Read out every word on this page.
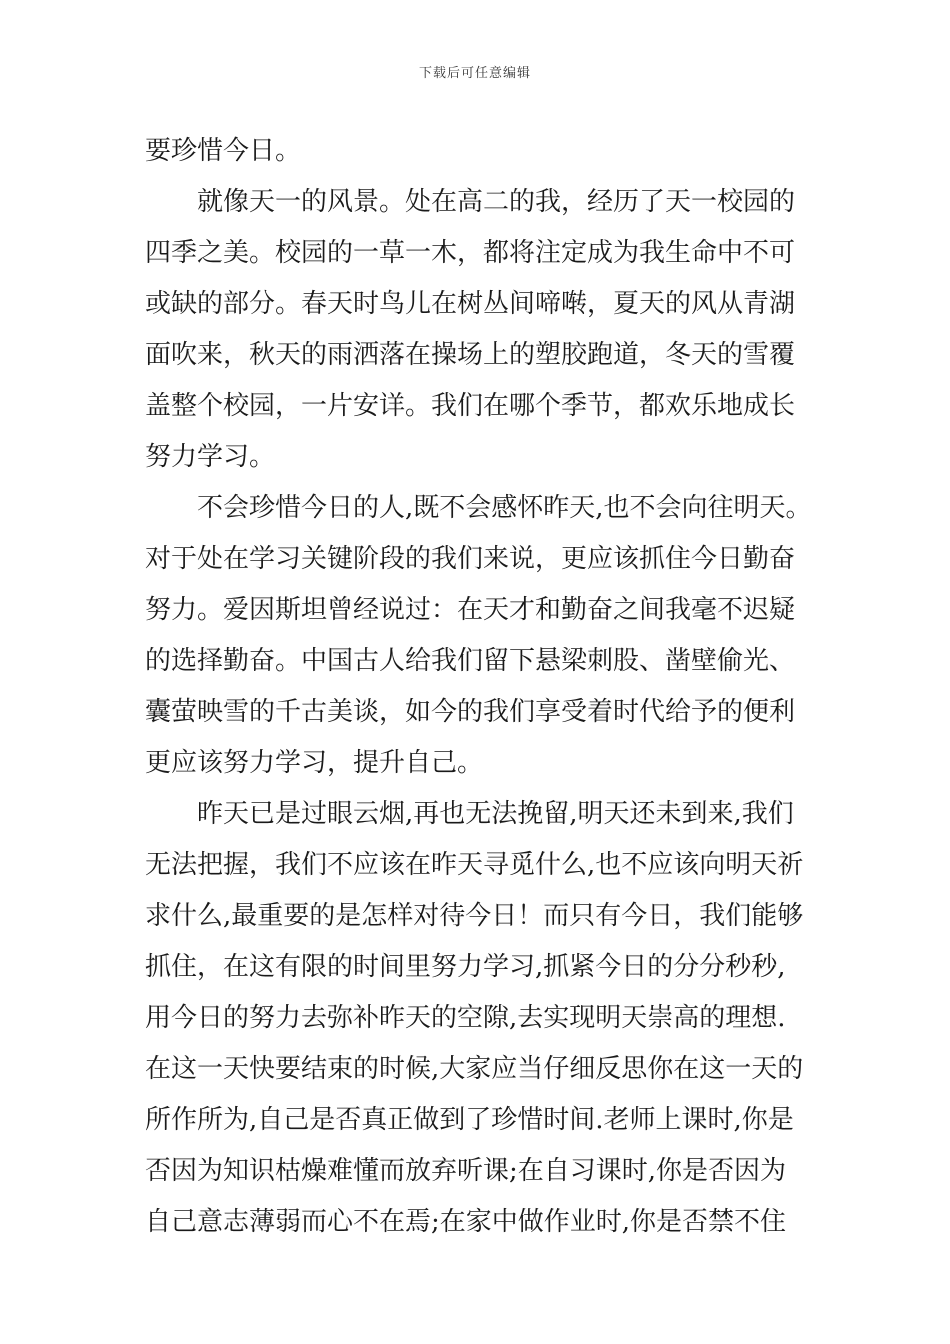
下载后可任意编辑
要珍惜今日。
就像天一的风景。处在高二的我，经历了天一校园的
四季之美。校园的一草一木，都将注定成为我生命中不可
或缺的部分。春天时鸟儿在树丛间啼啭，夏天的风从青湖
面吹来，秋天的雨洒落在操场上的塑胶跑道，冬天的雪覆
盖整个校园，一片安详。我们在哪个季节，都欢乐地成长
努力学习。
不会珍惜今日的人,既不会感怀昨天,也不会向往明天。
对于处在学习关键阶段的我们来说，更应该抓住今日勤奋
努力。爱因斯坦曾经说过：在天才和勤奋之间我毫不迟疑
的选择勤奋。中国古人给我们留下悬梁刺股、凿壁偷光、
囊萤映雪的千古美谈，如今的我们享受着时代给予的便利
更应该努力学习，提升自己。
昨天已是过眼云烟,再也无法挽留,明天还未到来,我们
无法把握，我们不应该在昨天寻觅什么,也不应该向明天祈
求什么,最重要的是怎样对待今日！而只有今日，我们能够
抓住，在这有限的时间里努力学习,抓紧今日的分分秒秒,
用今日的努力去弥补昨天的空隙,去实现明天崇高的理想.
在这一天快要结束的时候,大家应当仔细反思你在这一天的
所作所为,自己是否真正做到了珍惜时间.老师上课时,你是
否因为知识枯燥难懂而放弃听课;在自习课时,你是否因为
自己意志薄弱而心不在焉;在家中做作业时,你是否禁不住
